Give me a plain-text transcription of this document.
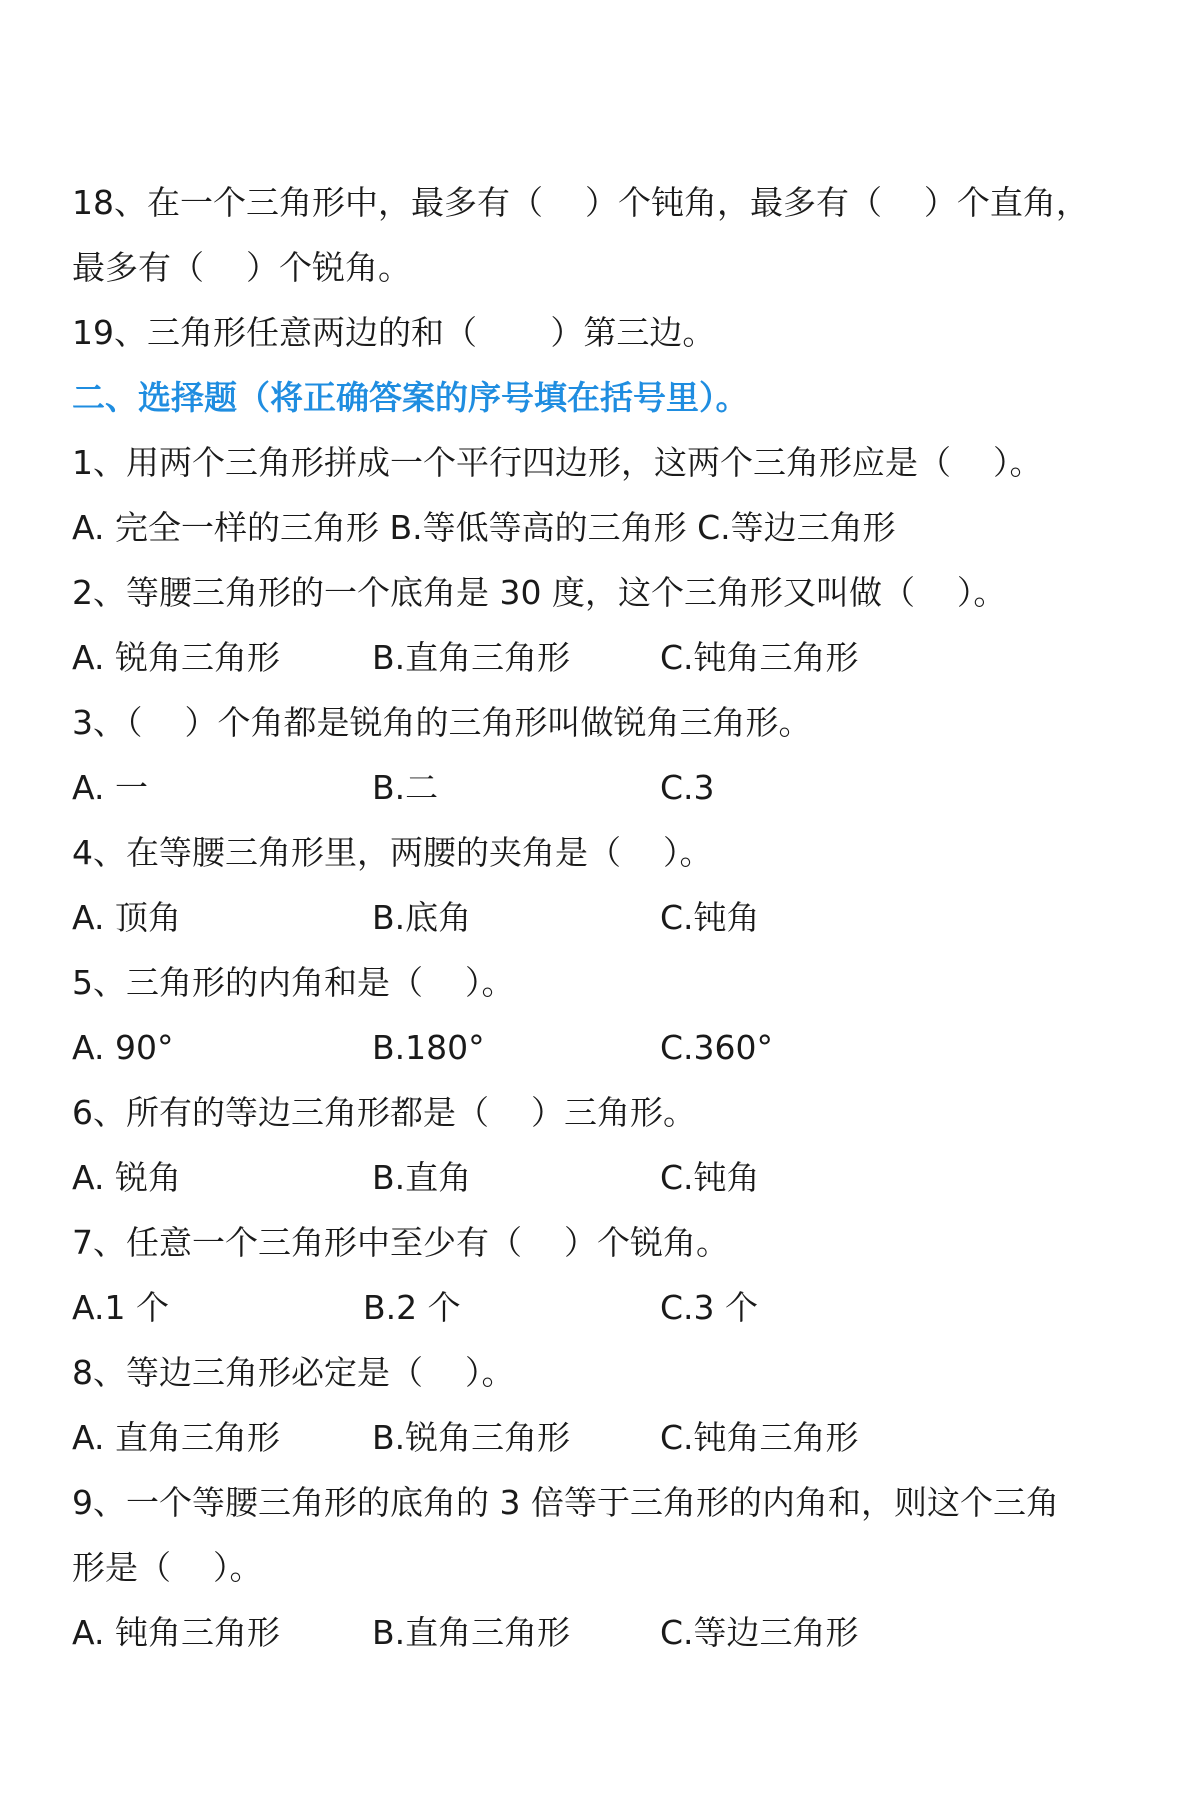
18、在一个三角形中，最多有（    ）个钝角，最多有（    ）个直角，
最多有（    ）个锐角。
19、三角形任意两边的和（       ）第三边。
二、选择题（将正确答案的序号填在括号里）。
1、用两个三角形拼成一个平行四边形，这两个三角形应是（    ）。
A. 完全一样的三角形 B.等低等高的三角形 C.等边三角形
2、等腰三角形的一个底角是 30 度，这个三角形又叫做（    ）。
A. 锐角三角形	B.直角三角形	C.钝角三角形
3、（    ）个角都是锐角的三角形叫做锐角三角形。
A. 一	B.二	C.3
4、在等腰三角形里，两腰的夹角是（    ）。
A. 顶角	B.底角	C.钝角
5、三角形的内角和是（    ）。
A. 90°	B.180°	C.360°
6、所有的等边三角形都是（    ）三角形。
A. 锐角	B.直角	C.钝角
7、任意一个三角形中至少有（    ）个锐角。
A.1 个	B.2 个	C.3 个
8、等边三角形必定是（    ）。
A. 直角三角形	B.锐角三角形	C.钝角三角形
9、一个等腰三角形的底角的 3 倍等于三角形的内角和，则这个三角
形是（    ）。
A. 钝角三角形	B.直角三角形	C.等边三角形
